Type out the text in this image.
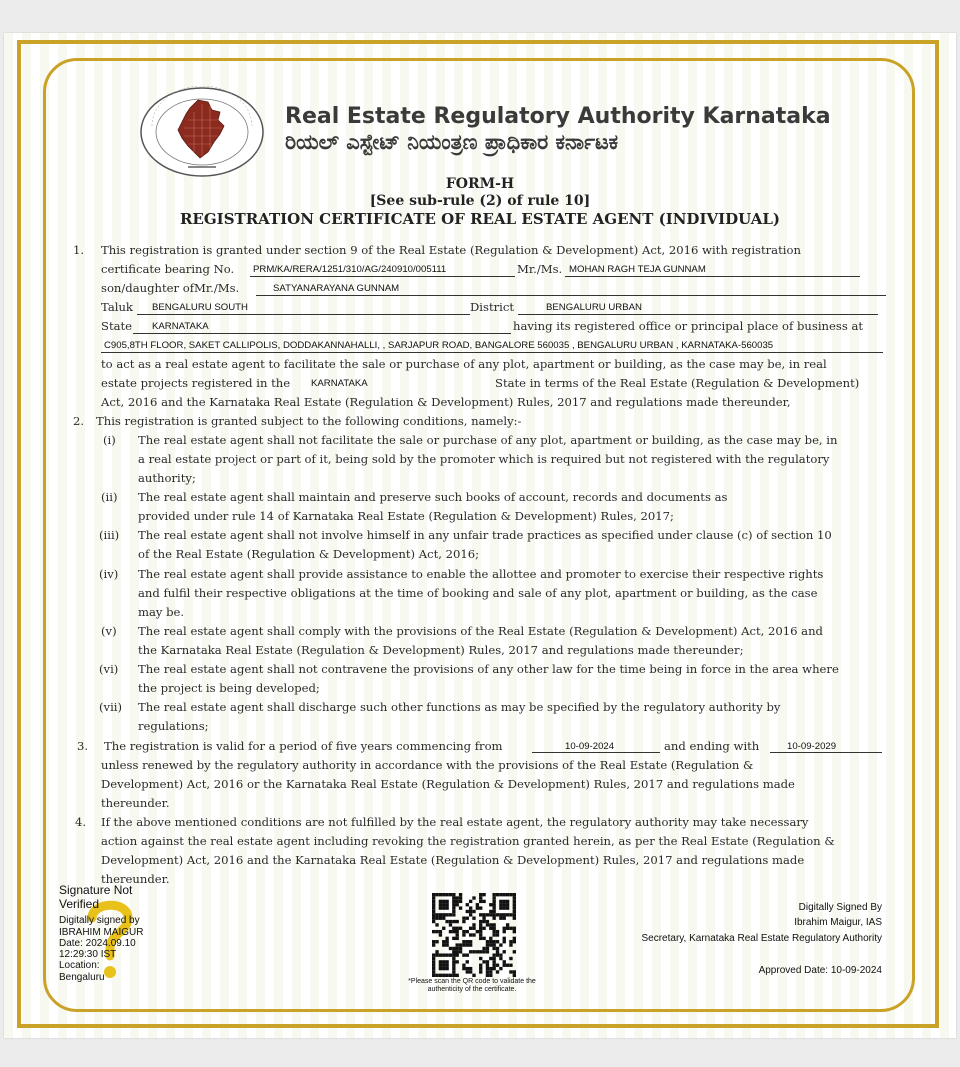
Real Estate Regulatory Authority Karnataka
ರಿಯಲ್ ಎಸ್ಟೇಟ್ ನಿಯಂತ್ರಣ ಪ್ರಾಧಿಕಾರ ಕರ್ನಾಟಕ
FORM-H
[See sub-rule (2) of rule 10]
REGISTRATION CERTIFICATE OF REAL ESTATE AGENT (INDIVIDUAL)
1. This registration is granted under section 9 of the Real Estate (Regulation & Development) Act, 2016 with registration
certificate bearing No. PRM/KA/RERA/1251/310/AG/240910/005111	Mr./Ms. MOHAN RAGH TEJA GUNNAM
son/daughter ofMr./Ms.	SATYANARAYANA GUNNAM
Taluk BENGALURU SOUTH	District	BENGALURU URBAN
State KARNATAKA	having its registered office or principal place of business at
C905,8TH FLOOR, SAKET CALLIPOLIS, DODDAKANNAHALLI, , SARJAPUR ROAD, BANGALORE 560035 , BENGALURU URBAN , KARNATAKA-560035
to act as a real estate agent to facilitate the sale or purchase of any plot, apartment or building, as the case may be, in real
estate projects registered in the KARNATAKA	State in terms of the Real Estate (Regulation & Development)
Act, 2016 and the Karnataka Real Estate (Regulation & Development) Rules, 2017 and regulations made thereunder,
2. This registration is granted subject to the following conditions, namely:-
(i) The real estate agent shall not facilitate the sale or purchase of any plot, apartment or building, as the case may be, in
a real estate project or part of it, being sold by the promoter which is required but not registered with the regulatory
authority;
(ii) The real estate agent shall maintain and preserve such books of account, records and documents as
provided under rule 14 of Karnataka Real Estate (Regulation & Development) Rules, 2017;
(iii) The real estate agent shall not involve himself in any unfair trade practices as specified under clause (c) of section 10
of the Real Estate (Regulation & Development) Act, 2016;
(iv) The real estate agent shall provide assistance to enable the allottee and promoter to exercise their respective rights
and fulfil their respective obligations at the time of booking and sale of any plot, apartment or building, as the case
may be.
(v) The real estate agent shall comply with the provisions of the Real Estate (Regulation & Development) Act, 2016 and
the Karnataka Real Estate (Regulation & Development) Rules, 2017 and regulations made thereunder;
(vi) The real estate agent shall not contravene the provisions of any other law for the time being in force in the area where
the project is being developed;
(vii) The real estate agent shall discharge such other functions as may be specified by the regulatory authority by
regulations;
3. The registration is valid for a period of five years commencing from	10-09-2024	and ending with	10-09-2029
unless renewed by the regulatory authority in accordance with the provisions of the Real Estate (Regulation &
Development) Act, 2016 or the Karnataka Real Estate (Regulation & Development) Rules, 2017 and regulations made
thereunder.
4. If the above mentioned conditions are not fulfilled by the real estate agent, the regulatory authority may take necessary
action against the real estate agent including revoking the registration granted herein, as per the Real Estate (Regulation &
Development) Act, 2016 and the Karnataka Real Estate (Regulation & Development) Rules, 2017 and regulations made
thereunder.
Signature Not
Verified
Digitally signed by
IBRAHIM MAIGUR
Date: 2024.09.10
12:29:30 IST
Location:
Bengaluru	*Please scan the QR code to validate the authenticity of the certificate.
Digitally Signed By
Ibrahim Maigur, IAS
Secretary, Karnataka Real Estate Regulatory Authority
Approved Date: 10-09-2024
